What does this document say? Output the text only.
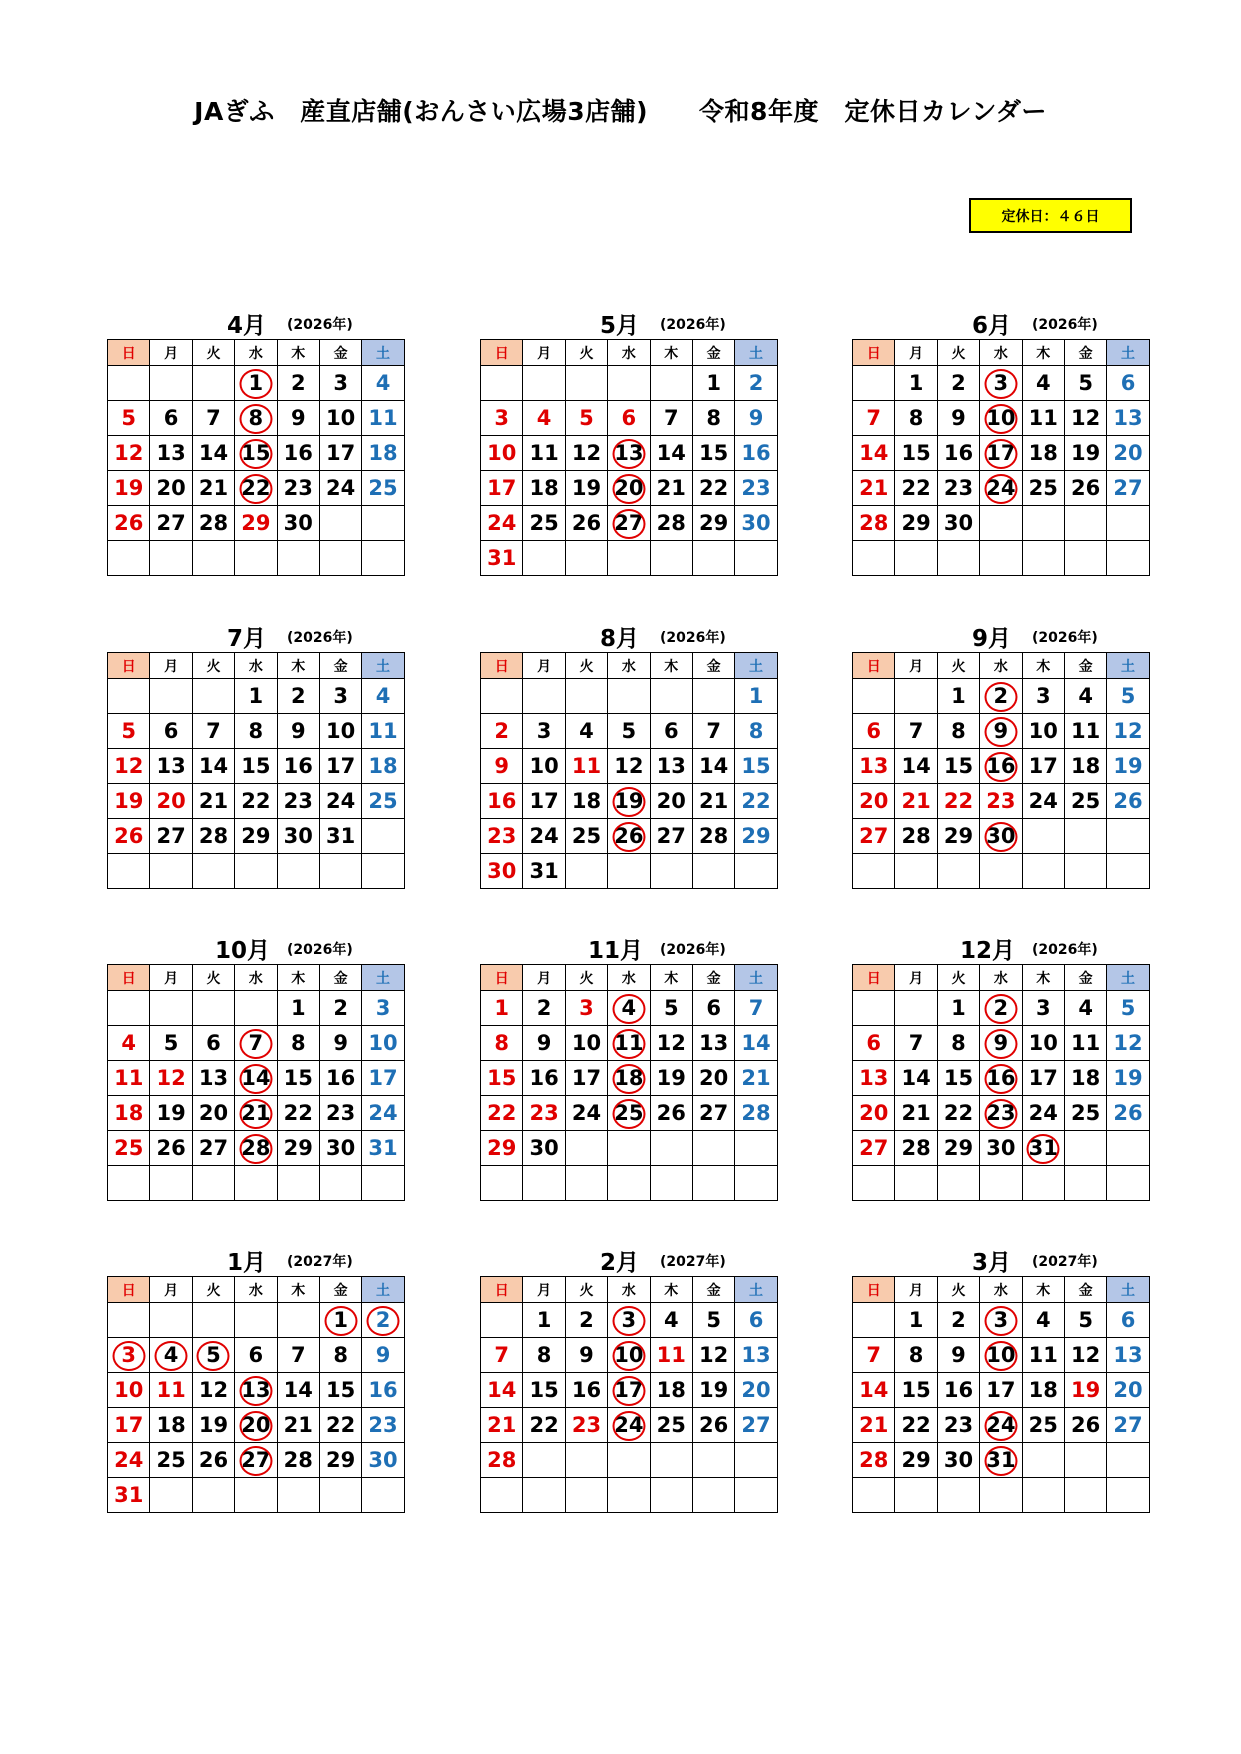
JAぎふ　産直店舗(おんさい広場3店舗)　　令和8年度　定休日カレンダー
定休日：４６日
4月 (2026年)
日	月	火	水	木	金	土
			1	2	3	4
5	6	7	8	9	10	11
12	13	14	15	16	17	18
19	20	21	22	23	24	25
26	27	28	29	30		

5月 (2026年)
日	月	火	水	木	金	土
					1	2
3	4	5	6	7	8	9
10	11	12	13	14	15	16
17	18	19	20	21	22	23
24	25	26	27	28	29	30
31						
6月 (2026年)
日	月	火	水	木	金	土
	1	2	3	4	5	6
7	8	9	10	11	12	13
14	15	16	17	18	19	20
21	22	23	24	25	26	27
28	29	30				

7月 (2026年)
日	月	火	水	木	金	土
			1	2	3	4
5	6	7	8	9	10	11
12	13	14	15	16	17	18
19	20	21	22	23	24	25
26	27	28	29	30	31	

8月 (2026年)
日	月	火	水	木	金	土
						1
2	3	4	5	6	7	8
9	10	11	12	13	14	15
16	17	18	19	20	21	22
23	24	25	26	27	28	29
30	31					
9月 (2026年)
日	月	火	水	木	金	土
		1	2	3	4	5
6	7	8	9	10	11	12
13	14	15	16	17	18	19
20	21	22	23	24	25	26
27	28	29	30			

10月 (2026年)
日	月	火	水	木	金	土
				1	2	3
4	5	6	7	8	9	10
11	12	13	14	15	16	17
18	19	20	21	22	23	24
25	26	27	28	29	30	31

11月 (2026年)
日	月	火	水	木	金	土
1	2	3	4	5	6	7
8	9	10	11	12	13	14
15	16	17	18	19	20	21
22	23	24	25	26	27	28
29	30					

12月 (2026年)
日	月	火	水	木	金	土
		1	2	3	4	5
6	7	8	9	10	11	12
13	14	15	16	17	18	19
20	21	22	23	24	25	26
27	28	29	30	31		

1月 (2027年)
日	月	火	水	木	金	土
					1	2
3	4	5	6	7	8	9
10	11	12	13	14	15	16
17	18	19	20	21	22	23
24	25	26	27	28	29	30
31						
2月 (2027年)
日	月	火	水	木	金	土
	1	2	3	4	5	6
7	8	9	10	11	12	13
14	15	16	17	18	19	20
21	22	23	24	25	26	27
28						

3月 (2027年)
日	月	火	水	木	金	土
	1	2	3	4	5	6
7	8	9	10	11	12	13
14	15	16	17	18	19	20
21	22	23	24	25	26	27
28	29	30	31			
